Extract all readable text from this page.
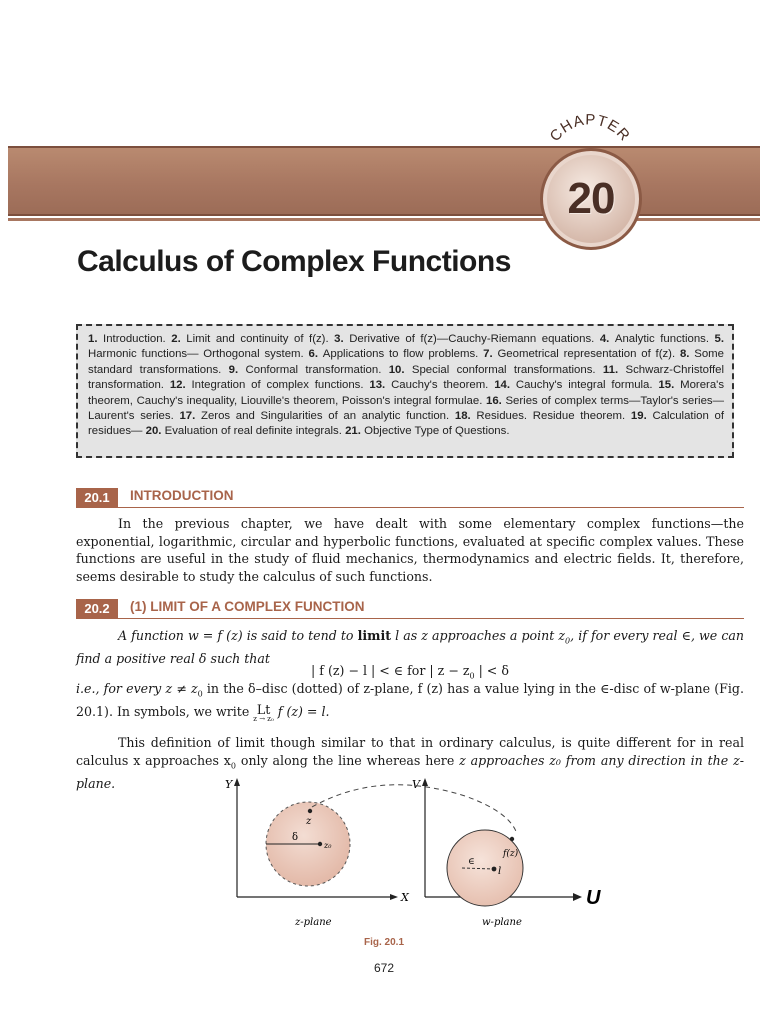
CHAPTER
20
Calculus of Complex Functions
1. Introduction. 2. Limit and continuity of f(z). 3. Derivative of f(z)—Cauchy-Riemann equations. 4. Analytic functions. 5. Harmonic functions— Orthogonal system. 6. Applications to flow problems. 7. Geometrical representation of f(z). 8. Some standard transformations. 9. Conformal transformation. 10. Special conformal transformations. 11. Schwarz-Christoffel transformation. 12. Integration of complex functions. 13. Cauchy's theorem. 14. Cauchy's integral formula. 15. Morera's theorem, Cauchy's inequality, Liouville's theorem, Poisson's integral formulae. 16. Series of complex terms—Taylor's series—Laurent's series. 17. Zeros and Singularities of an analytic function. 18. Residues. Residue theorem. 19. Calculation of residues— 20. Evaluation of real definite integrals. 21. Objective Type of Questions.
20.1	INTRODUCTION
In the previous chapter, we have dealt with some elementary complex functions—the exponential, logarithmic, circular and hyperbolic functions, evaluated at specific complex values. These functions are useful in the study of fluid mechanics, thermodynamics and electric fields. It, therefore, seems desirable to study the calculus of such functions.
20.2	(1) LIMIT OF A COMPLEX FUNCTION
A function w = f (z) is said to tend to limit l as z approaches a point $z_0$, if for every real ∈, we can find a positive real δ such that
| f (z) − l | < ∈ for | $z - z_0$ | < δ
i.e., for every $z \ne z_0$ in the δ–disc (dotted) of z-plane, f (z) has a value lying in the ∈-disc of w-plane (Fig. 20.1). In symbols, we write Lt
z → z₀ f (z) = l.
This definition of limit though similar to that in ordinary calculus, is quite different for in real calculus x approaches $x_0$ only along the line whereas here z approaches z₀ from any direction in the z-plane.	Y
X
z
δ
z₀
V
U
∈
l
f(z)
z-plane	w-plane
Fig. 20.1
672
